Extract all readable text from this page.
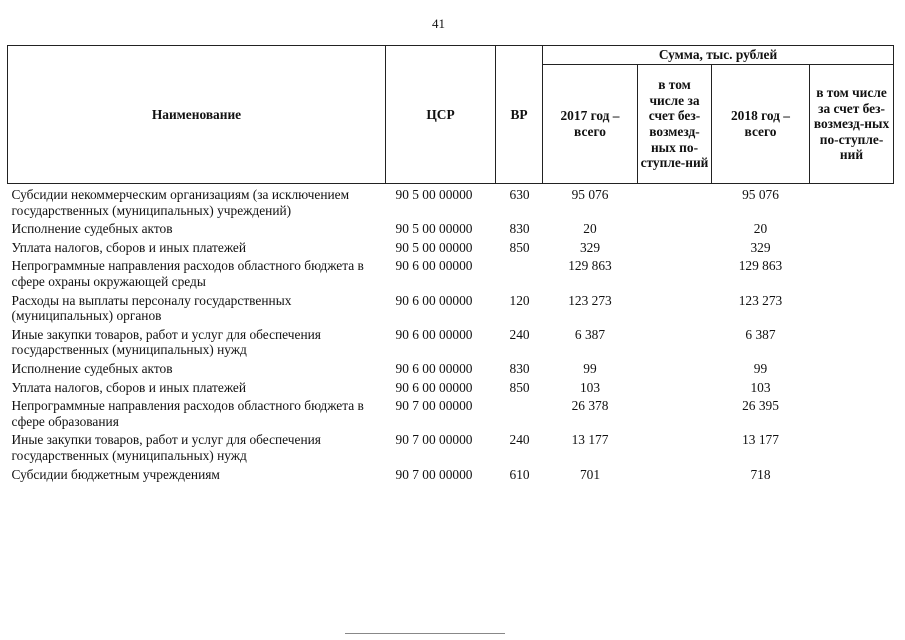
41
Наименование	ЦСР	ВР	Сумма, тыс. рублей			
			2017 год – всего	в том числе за счет без-возмезд-ных по-ступле-ний	2018 год – всего	в том числе за счет без-возмезд-ных по-ступле-ний
Субсидии некоммерческим организациям (за исключением государственных (муниципальных) учреждений)	90 5 00 00000	630	95 076		95 076	
Исполнение судебных актов	90 5 00 00000	830	20		20	
Уплата налогов, сборов и иных платежей	90 5 00 00000	850	329		329	
Непрограммные направления расходов областного бюджета в сфере охраны окружающей среды	90 6 00 00000		129 863		129 863	
Расходы на выплаты персоналу государственных (муниципальных) органов	90 6 00 00000	120	123 273		123 273	
Иные закупки товаров, работ и услуг для обеспечения государственных (муниципальных) нужд	90 6 00 00000	240	6 387		6 387	
Исполнение судебных актов	90 6 00 00000	830	99		99	
Уплата налогов, сборов и иных платежей	90 6 00 00000	850	103		103	
Непрограммные направления расходов областного бюджета в сфере образования	90 7 00 00000		26 378		26 395	
Иные закупки товаров, работ и услуг для обеспечения государственных (муниципальных) нужд	90 7 00 00000	240	13 177		13 177	
Субсидии бюджетным учреждениям	90 7 00 00000	610	701		718	
